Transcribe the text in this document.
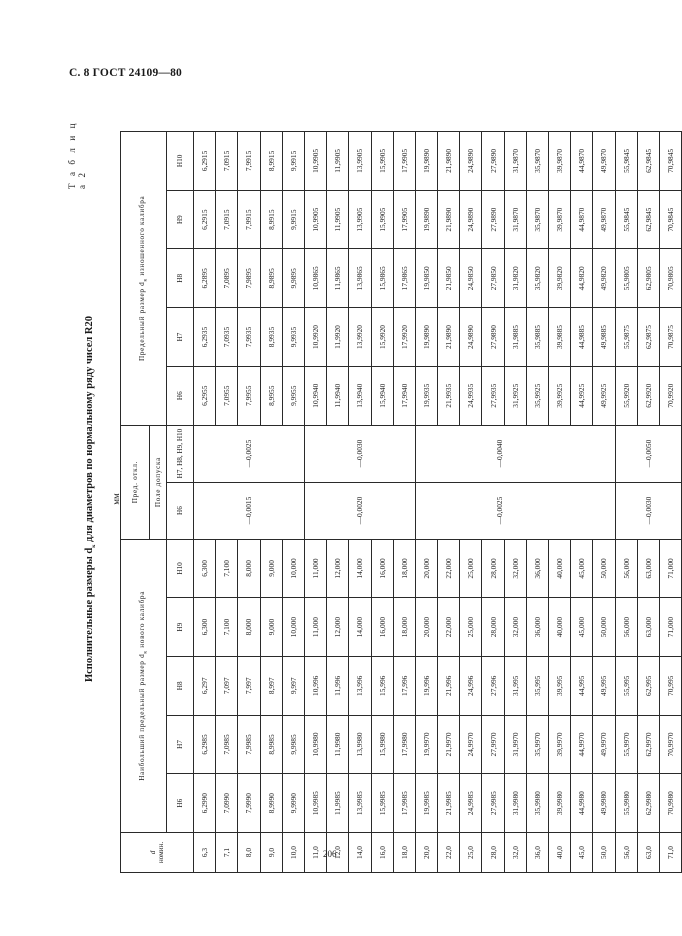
С. 8 ГОСТ 24109—80
Т а б л и ц а 2
Исполнительные размеры $d_к$ для диаметров по нормальному ряду чисел R20 мм
d
номин.	Наибольший предельный размер $d_к$ нового калибра					Пред. откл.		Предельный размер $d_к$ изношенного калибра				
						Поле допуска						
	Н6	Н7	Н8	Н9	Н10	Н6	Н7, Н8, Н9, Н10	Н6	Н7	Н8	Н9	Н10
6,3	6,2990	6,2985	6,297	6,300	6,300	—0,0015	—0,0025	6,2955	6,2935	6,2895	6,2915	6,2915
7,1	7,0990	7,0985	7,097	7,100	7,100			7,0955	7,0935	7,0895	7,0915	7,0915
8,0	7,9990	7,9985	7,997	8,000	8,000			7,9955	7,9935	7,9895	7,9915	7,9915
9,0	8,9990	8,9985	8,997	9,000	9,000			8,9955	8,9935	8,9895	8,9915	8,9915
10,0	9,9990	9,9985	9,997	10,000	10,000			9,9955	9,9935	9,9895	9,9915	9,9915
11,0	10,9985	10,9980	10,996	11,000	11,000	—0,0020	—0,0030	10,9940	10,9920	10,9865	10,9905	10,9905
12,0	11,9985	11,9980	11,996	12,000	12,000			11,9940	11,9920	11,9865	11,9905	11,9905
14,0	13,9985	13,9980	13,996	14,000	14,000			13,9940	13,9920	13,9865	13,9905	13,9905
16,0	15,9985	15,9980	15,996	16,000	16,000			15,9940	15,9920	15,9865	15,9905	15,9905
18,0	17,9985	17,9980	17,996	18,000	18,000			17,9940	17,9920	17,9865	17,9905	17,9905
20,0	19,9985	19,9970	19,996	20,000	20,000	—0,0025	—0,0040	19,9935	19,9890	19,9850	19,9890	19,9890
22,0	21,9985	21,9970	21,996	22,000	22,000			21,9935	21,9890	21,9850	21,9890	21,9890
25,0	24,9985	24,9970	24,996	25,000	25,000			24,9935	24,9890	24,9850	24,9890	24,9890
28,0	27,9985	27,9970	27,996	28,000	28,000			27,9935	27,9890	27,9850	27,9890	27,9890
32,0	31,9980	31,9970	31,995	32,000	32,000			31,9925	31,9885	31,9820	31,9870	31,9870
36,0	35,9980	35,9970	35,995	36,000	36,000			35,9925	35,9885	35,9820	35,9870	35,9870
40,0	39,9980	39,9970	39,995	40,000	40,000			39,9925	39,9885	39,9820	39,9870	39,9870
45,0	44,9980	44,9970	44,995	45,000	45,000			44,9925	44,9885	44,9820	44,9870	44,9870
50,0	49,9980	49,9970	49,995	50,000	50,000			49,9925	49,9885	49,9820	49,9870	49,9870
56,0	55,9980	55,9970	55,995	56,000	56,000	—0,0030	—0,0050	55,9920	55,9875	55,9805	55,9845	55,9845
63,0	62,9980	62,9970	62,995	63,000	63,000			62,9920	62,9875	62,9805	62,9845	62,9845
71,0	70,9980	70,9970	70,995	71,000	71,000			70,9920	70,9875	70,9805	70,9845	70,9845
206
